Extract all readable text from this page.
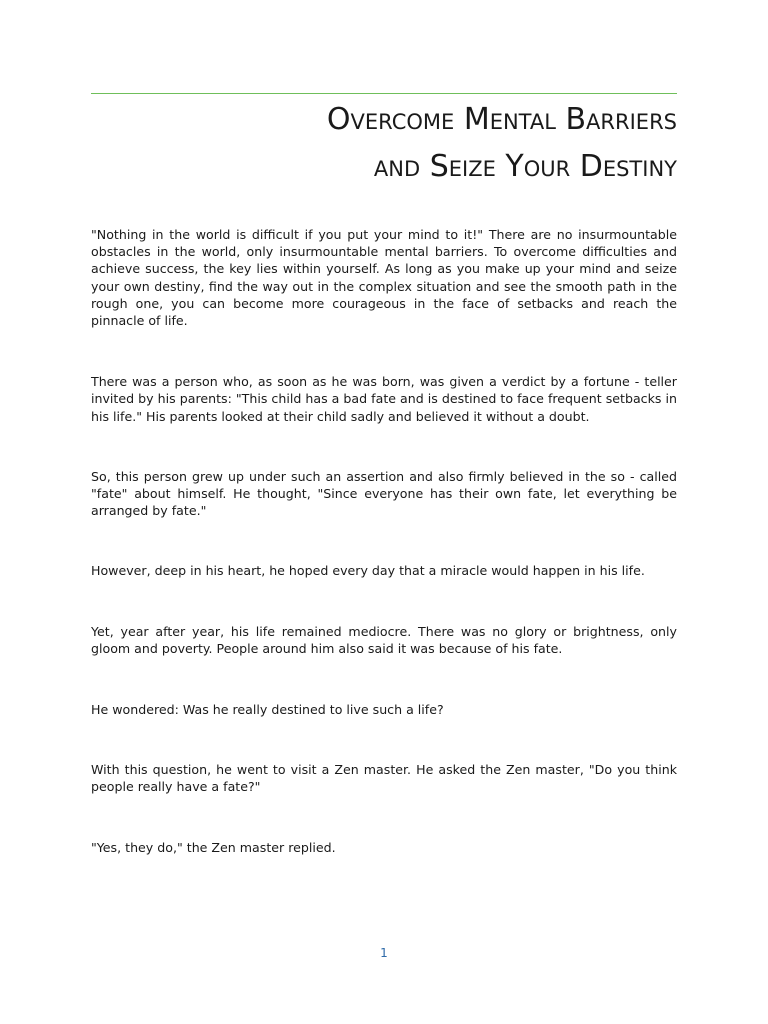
Overcome Mental Barriers
and Seize Your Destiny

"Nothing in the world is difficult if you put your mind to it!" There are no insurmountable obstacles in the world, only insurmountable mental barriers. To overcome difficulties and achieve success, the key lies within yourself. As long as you make up your mind and seize your own destiny, find the way out in the complex situation and see the smooth path in the rough one, you can become more courageous in the face of setbacks and reach the pinnacle of life.

There was a person who, as soon as he was born, was given a verdict by a fortune - teller invited by his parents: "This child has a bad fate and is destined to face frequent setbacks in his life." His parents looked at their child sadly and believed it without a doubt.

So, this person grew up under such an assertion and also firmly believed in the so - called "fate" about himself. He thought, "Since everyone has their own fate, let everything be arranged by fate."

However, deep in his heart, he hoped every day that a miracle would happen in his life.

Yet, year after year, his life remained mediocre. There was no glory or brightness, only gloom and poverty. People around him also said it was because of his fate.

He wondered: Was he really destined to live such a life?

With this question, he went to visit a Zen master. He asked the Zen master, "Do you think people really have a fate?"

"Yes, they do," the Zen master replied.

1
